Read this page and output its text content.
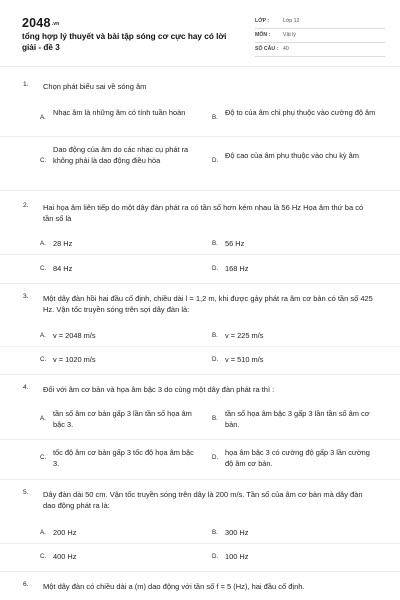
2048.vn
tổng hợp lý thuyết và bài tập sóng cơ cực hay có lời giải - đề 3
LỚP :	Lớp 12
MÔN : Vật lý
SỐ CÂU : 40
1. Chọn phát biểu sai về sóng âm
A.
Nhạc âm là những âm có tính tuần hoàn
B.
Độ to của âm chỉ phụ thuộc vào cường độ âm
C.
Dao động của âm do các nhạc cụ phát ra không phải là dao động điều hòa	D.
Độ cao của âm phụ thuộc vào chu kỳ âm
2. Hai họa âm liên tiếp do một dây đàn phát ra có tần số hơn kém nhau là 56 Hz Họa âm thứ ba có tần số là
A. 28 Hz	B. 56 Hz
C. 84 Hz	D. 168 Hz
3. Một dây đàn hồi hai đầu cố định, chiều dài l = 1,2 m, khi được gảy phát ra âm cơ bản có tần số 425 Hz. Vận tốc truyền sóng trên sợi dây đàn là:
A. v = 2048 m/s	B. v = 225 m/s
C. v = 1020 m/s	D. v = 510 m/s
4. Đối với âm cơ bản và họa âm bậc 3 do cùng một dây đàn phát ra thì :
A.
tần số âm cơ bản gấp 3 lần tần số họa âm bậc 3.
B.
tần số họa âm bậc 3 gấp 3 lần tần số âm cơ bản.
C.
tốc độ âm cơ bản gấp 3 tốc độ họa âm bậc 3.
D.
họa âm bậc 3 có cường độ gấp 3 lần cường độ âm cơ bản.
5. Dây đàn dài 50 cm. Vận tốc truyền sóng trên dây là 200 m/s. Tần số của âm cơ bản mà dây đàn dao động phát ra là:
A. 200 Hz	B. 300 Hz
C. 400 Hz	D. 100 Hz
6. Một dây đàn có chiều dài a (m) dao động với tần số f = 5 (Hz), hai đầu cố định.
